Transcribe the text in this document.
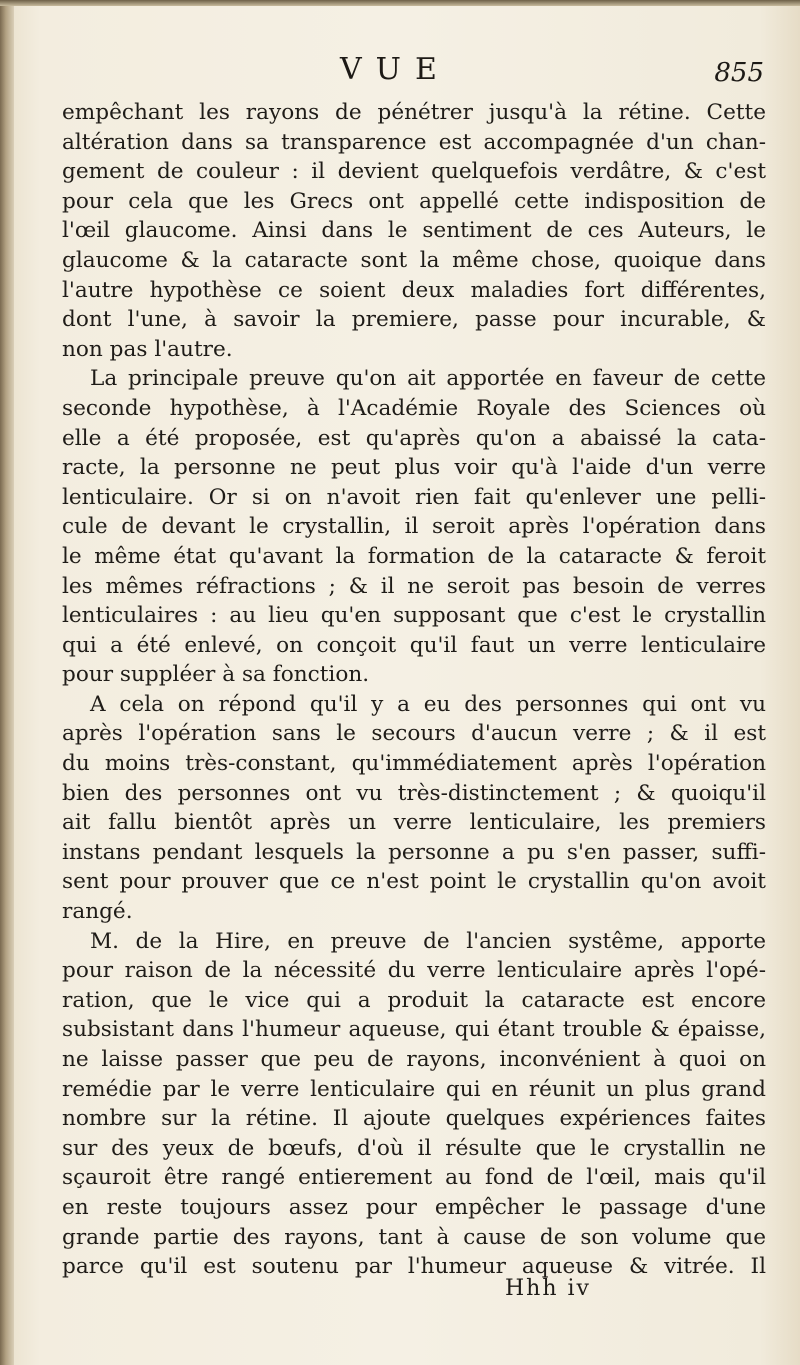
VUE	855
empêchant les rayons de pénétrer jusqu'à la rétine. Cette
altération dans sa transparence est accompagnée d'un chan-
gement de couleur : il devient quelquefois verdâtre, & c'est
pour cela que les Grecs ont appellé cette indisposition de
l'œil glaucome. Ainsi dans le sentiment de ces Auteurs, le
glaucome & la cataracte sont la même chose, quoique dans
l'autre hypothèse ce soient deux maladies fort différentes,
dont l'une, à savoir la premiere, passe pour incurable, &
non pas l'autre.
La principale preuve qu'on ait apportée en faveur de cette
seconde hypothèse, à l'Académie Royale des Sciences où
elle a été proposée, est qu'après qu'on a abaissé la cata-
racte, la personne ne peut plus voir qu'à l'aide d'un verre
lenticulaire. Or si on n'avoit rien fait qu'enlever une pelli-
cule de devant le crystallin, il seroit après l'opération dans
le même état qu'avant la formation de la cataracte & feroit
les mêmes réfractions ; & il ne seroit pas besoin de verres
lenticulaires : au lieu qu'en supposant que c'est le crystallin
qui a été enlevé, on conçoit qu'il faut un verre lenticulaire
pour suppléer à sa fonction.
A cela on répond qu'il y a eu des personnes qui ont vu
après l'opération sans le secours d'aucun verre ; & il est
du moins très-constant, qu'immédiatement après l'opération
bien des personnes ont vu très-distinctement ; & quoiqu'il
ait fallu bientôt après un verre lenticulaire, les premiers
instans pendant lesquels la personne a pu s'en passer, suffi-
sent pour prouver que ce n'est point le crystallin qu'on avoit
rangé.
M. de la Hire, en preuve de l'ancien systême, apporte
pour raison de la nécessité du verre lenticulaire après l'opé-
ration, que le vice qui a produit la cataracte est encore
subsistant dans l'humeur aqueuse, qui étant trouble & épaisse,
ne laisse passer que peu de rayons, inconvénient à quoi on
remédie par le verre lenticulaire qui en réunit un plus grand
nombre sur la rétine. Il ajoute quelques expériences faites
sur des yeux de bœufs, d'où il résulte que le crystallin ne
sçauroit être rangé entierement au fond de l'œil, mais qu'il
en reste toujours assez pour empêcher le passage d'une
grande partie des rayons, tant à cause de son volume que
parce qu'il est soutenu par l'humeur aqueuse & vitrée. Il
Hhh iv
